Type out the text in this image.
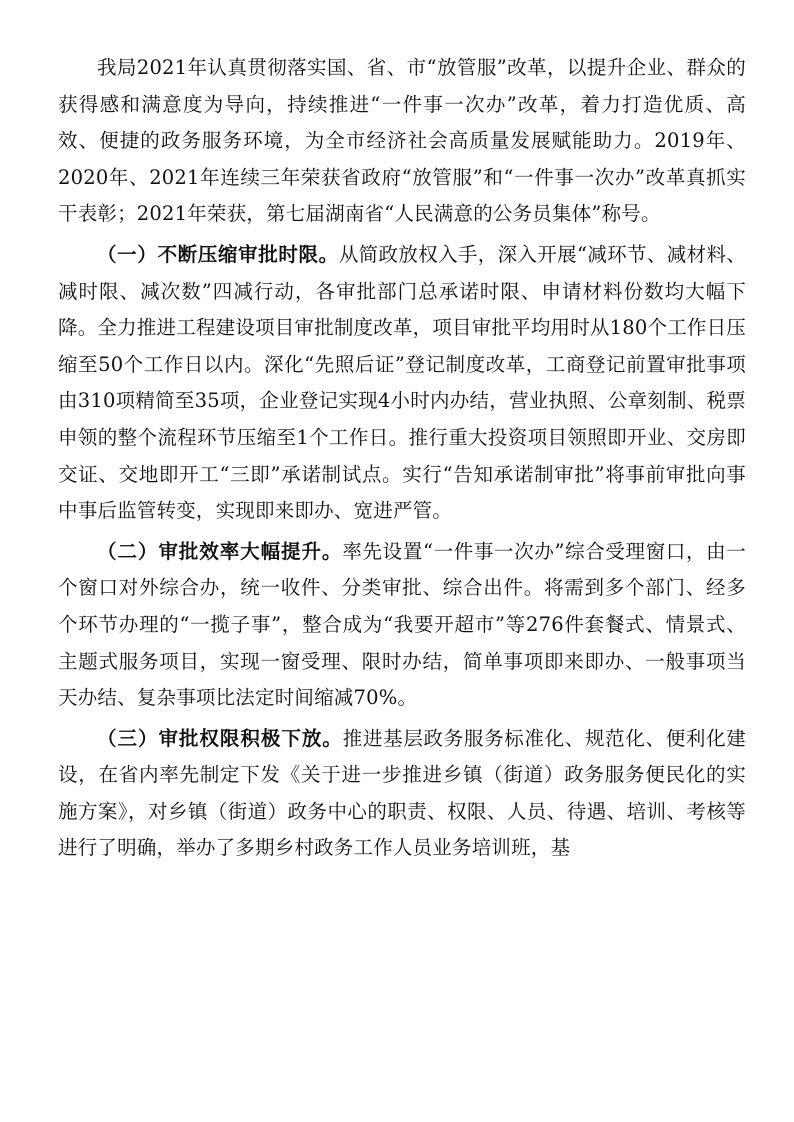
我局2021年认真贯彻落实国、省、市“放管服”改革，以提升企业、群众的获得感和满意度为导向，持续推进“一件事一次办”改革，着力打造优质、高效、便捷的政务服务环境，为全市经济社会高质量发展赋能助力。2019年、2020年、2021年连续三年荣获省政府“放管服”和“一件事一次办”改革真抓实干表彰；2021年荣获，第七届湖南省“人民满意的公务员集体”称号。

（一）不断压缩审批时限。从简政放权入手，深入开展“减环节、减材料、减时限、减次数”四减行动，各审批部门总承诺时限、申请材料份数均大幅下降。全力推进工程建设项目审批制度改革，项目审批平均用时从180个工作日压缩至50个工作日以内。深化“先照后证”登记制度改革，工商登记前置审批事项由310项精简至35项，企业登记实现4小时内办结，营业执照、公章刻制、税票申领的整个流程环节压缩至1个工作日。推行重大投资项目领照即开业、交房即交证、交地即开工“三即”承诺制试点。实行“告知承诺制审批”将事前审批向事中事后监管转变，实现即来即办、宽进严管。

（二）审批效率大幅提升。率先设置“一件事一次办”综合受理窗口，由一个窗口对外综合办，统一收件、分类审批、综合出件。将需到多个部门、经多个环节办理的“一揽子事”，整合成为“我要开超市”等276件套餐式、情景式、主题式服务项目，实现一窗受理、限时办结，简单事项即来即办、一般事项当天办结、复杂事项比法定时间缩减70%。

（三）审批权限积极下放。推进基层政务服务标准化、规范化、便利化建设，在省内率先制定下发《关于进一步推进乡镇（街道）政务服务便民化的实施方案》，对乡镇（街道）政务中心的职责、权限、人员、待遇、培训、考核等进行了明确，举办了多期乡村政务工作人员业务培训班，基
